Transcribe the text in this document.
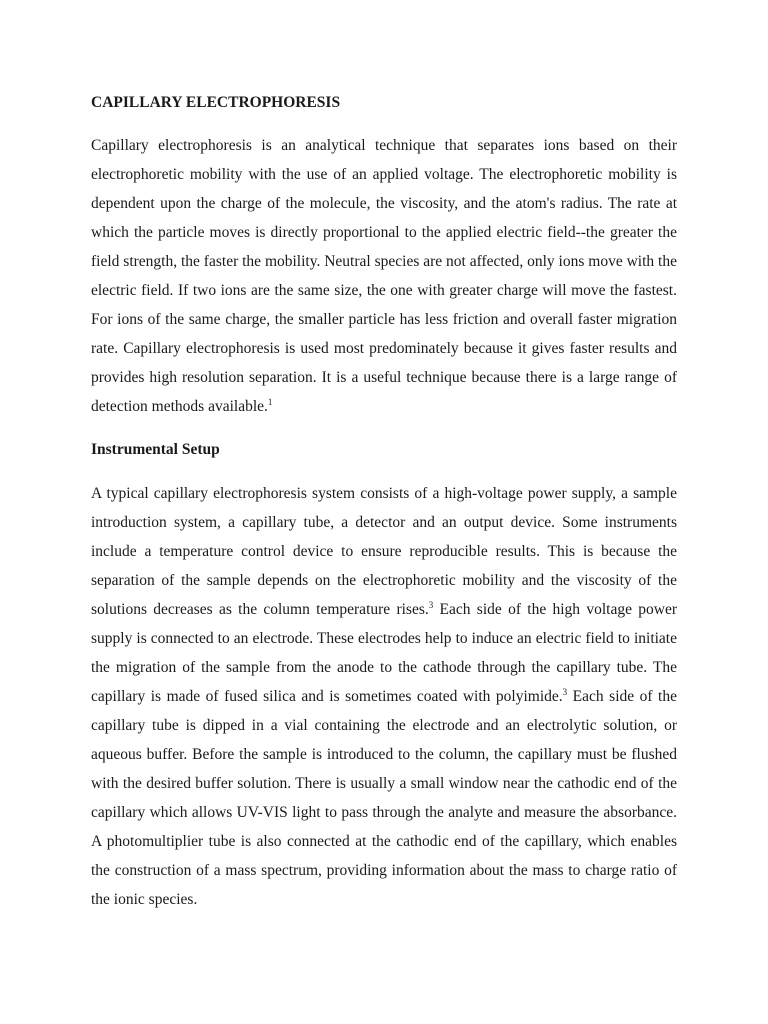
CAPILLARY ELECTROPHORESIS

Capillary electrophoresis is an analytical technique that separates ions based on their electrophoretic mobility with the use of an applied voltage. The electrophoretic mobility is dependent upon the charge of the molecule, the viscosity, and the atom's radius. The rate at which the particle moves is directly proportional to the applied electric field--the greater the field strength, the faster the mobility. Neutral species are not affected, only ions move with the electric field. If two ions are the same size, the one with greater charge will move the fastest. For ions of the same charge, the smaller particle has less friction and overall faster migration rate. Capillary electrophoresis is used most predominately because it gives faster results and provides high resolution separation. It is a useful technique because there is a large range of detection methods available.$^1$

Instrumental Setup

A typical capillary electrophoresis system consists of a high-voltage power supply, a sample introduction system, a capillary tube, a detector and an output device. Some instruments include a temperature control device to ensure reproducible results. This is because the separation of the sample depends on the electrophoretic mobility and the viscosity of the solutions decreases as the column temperature rises.$^3$ Each side of the high voltage power supply is connected to an electrode. These electrodes help to induce an electric field to initiate the migration of the sample from the anode to the cathode through the capillary tube. The capillary is made of fused silica and is sometimes coated with polyimide.$^3$ Each side of the capillary tube is dipped in a vial containing the electrode and an electrolytic solution, or aqueous buffer. Before the sample is introduced to the column, the capillary must be flushed with the desired buffer solution. There is usually a small window near the cathodic end of the capillary which allows UV-VIS light to pass through the analyte and measure the absorbance. A photomultiplier tube is also connected at the cathodic end of the capillary, which enables the construction of a mass spectrum, providing information about the mass to charge ratio of the ionic species.
